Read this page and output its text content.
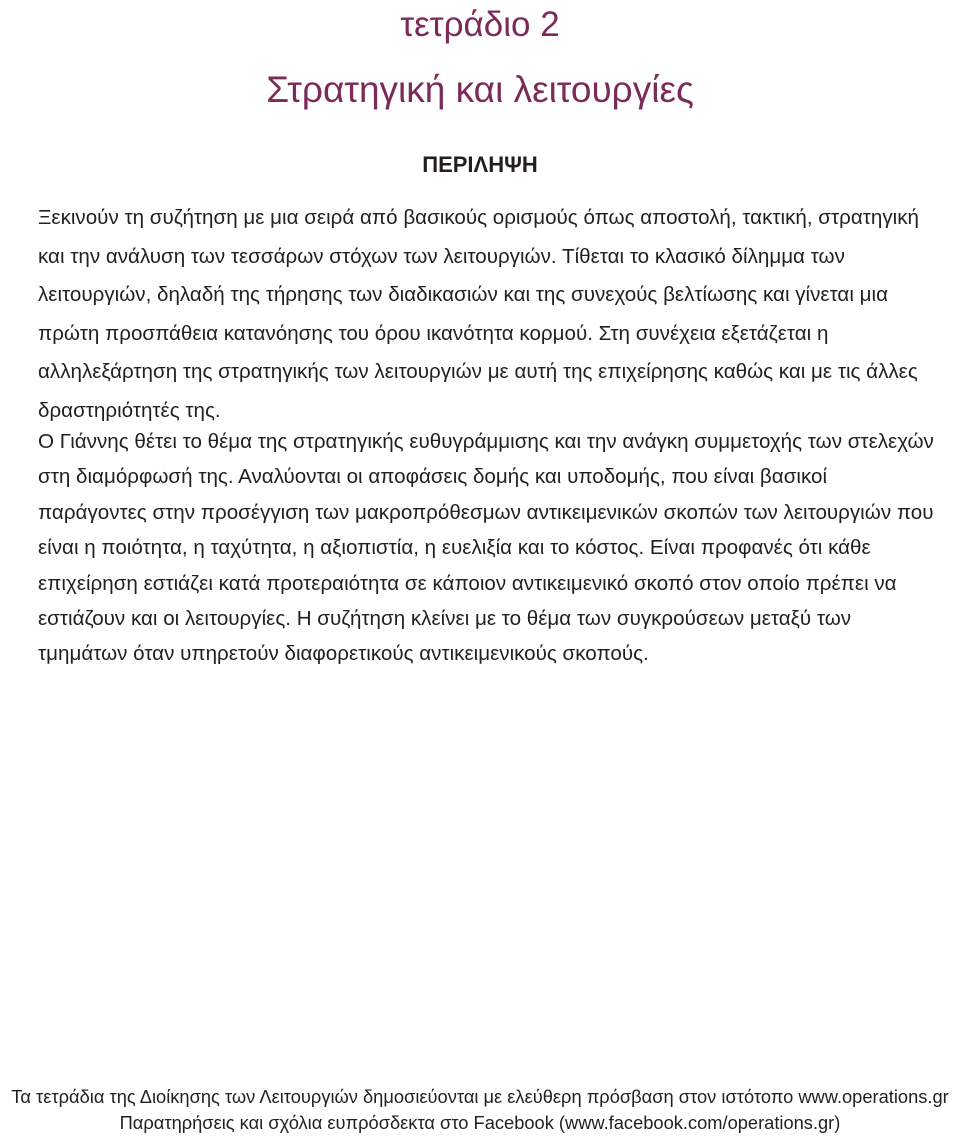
τετράδιο 2
Στρατηγική και λειτουργίες
ΠΕΡΙΛΗΨΗ

Ξεκινούν τη συζήτηση με μια σειρά από βασικούς ορισμούς όπως αποστολή, τακτική, στρατηγική και την ανάλυση των τεσσάρων στόχων των λειτουργιών. Τίθεται το κλασικό δίλημμα των λειτουργιών, δηλαδή της τήρησης των διαδικασιών και της συνεχούς βελτίωσης και γίνεται μια πρώτη προσπάθεια κατανόησης του όρου ικανότητα κορμού. Στη συνέχεια εξετάζεται η αλληλεξάρτηση της στρατηγικής των λειτουργιών με αυτή της επιχείρησης καθώς και με τις άλλες δραστηριότητές της.

Ο Γιάννης θέτει το θέμα της στρατηγικής ευθυγράμμισης και την ανάγκη συμμετοχής των στελεχών στη διαμόρφωσή της. Αναλύονται οι αποφάσεις δομής και υποδομής, που είναι βασικοί παράγοντες στην προσέγγιση των μακροπρόθεσμων αντικειμενικών σκοπών των λειτουργιών που είναι η ποιότητα, η ταχύτητα, η αξιοπιστία, η ευελιξία και το κόστος. Είναι προφανές ότι κάθε επιχείρηση εστιάζει κατά προτεραιότητα σε κάποιον αντικειμενικό σκοπό στον οποίο πρέπει να εστιάζουν και οι λειτουργίες. Η συζήτηση κλείνει με το θέμα των συγκρούσεων μεταξύ των τμημάτων όταν υπηρετούν διαφορετικούς αντικειμενικούς σκοπούς.

Τα τετράδια της Διοίκησης των Λειτουργιών δημοσιεύονται με ελεύθερη πρόσβαση στον ιστότοπο www.operations.gr
Παρατηρήσεις και σχόλια ευπρόσδεκτα στο Facebook (www.facebook.com/operations.gr)
